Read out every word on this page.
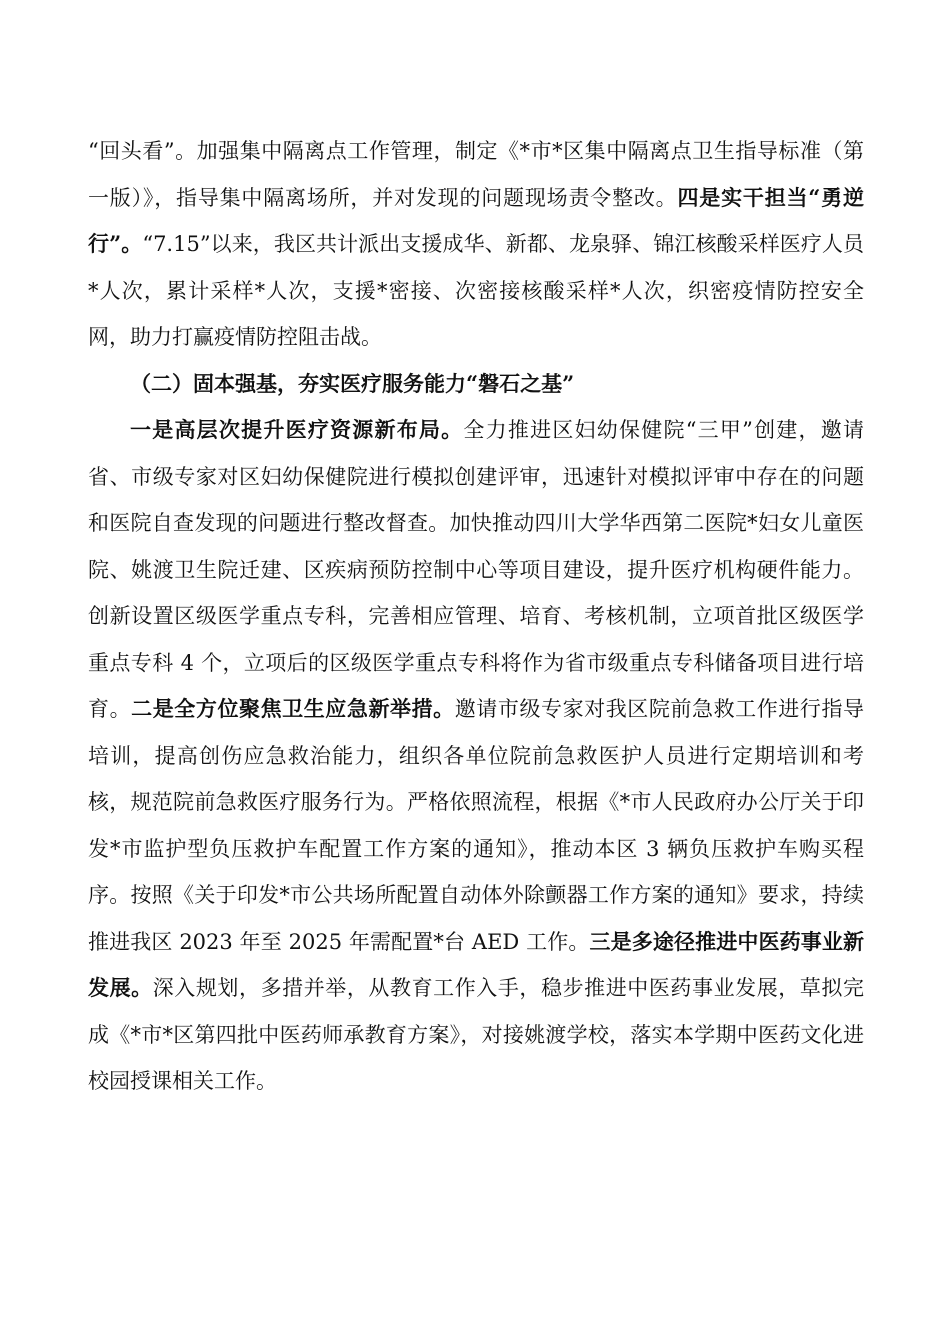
“回头看”。加强集中隔离点工作管理，制定《*市*区集中隔离点卫生指导标准（第一版）》，指导集中隔离场所，并对发现的问题现场责令整改。四是实干担当“勇逆行”。“7.15”以来，我区共计派出支援成华、新都、龙泉驿、锦江核酸采样医疗人员*人次，累计采样*人次，支援*密接、次密接核酸采样*人次，织密疫情防控安全网，助力打赢疫情防控阻击战。

（二）固本强基，夯实医疗服务能力“磐石之基”

一是高层次提升医疗资源新布局。全力推进区妇幼保健院“三甲”创建，邀请省、市级专家对区妇幼保健院进行模拟创建评审，迅速针对模拟评审中存在的问题和医院自查发现的问题进行整改督查。加快推动四川大学华西第二医院*妇女儿童医院、姚渡卫生院迁建、区疾病预防控制中心等项目建设，提升医疗机构硬件能力。创新设置区级医学重点专科，完善相应管理、培育、考核机制，立项首批区级医学重点专科 4 个，立项后的区级医学重点专科将作为省市级重点专科储备项目进行培育。二是全方位聚焦卫生应急新举措。邀请市级专家对我区院前急救工作进行指导培训，提高创伤应急救治能力，组织各单位院前急救医护人员进行定期培训和考核，规范院前急救医疗服务行为。严格依照流程，根据《*市人民政府办公厅关于印发*市监护型负压救护车配置工作方案的通知》，推动本区 3 辆负压救护车购买程序。按照《关于印发*市公共场所配置自动体外除颤器工作方案的通知》要求，持续推进我区 2023 年至 2025 年需配置*台 AED 工作。三是多途径推进中医药事业新发展。深入规划，多措并举，从教育工作入手，稳步推进中医药事业发展，草拟完成《*市*区第四批中医药师承教育方案》，对接姚渡学校，落实本学期中医药文化进校园授课相关工作。
